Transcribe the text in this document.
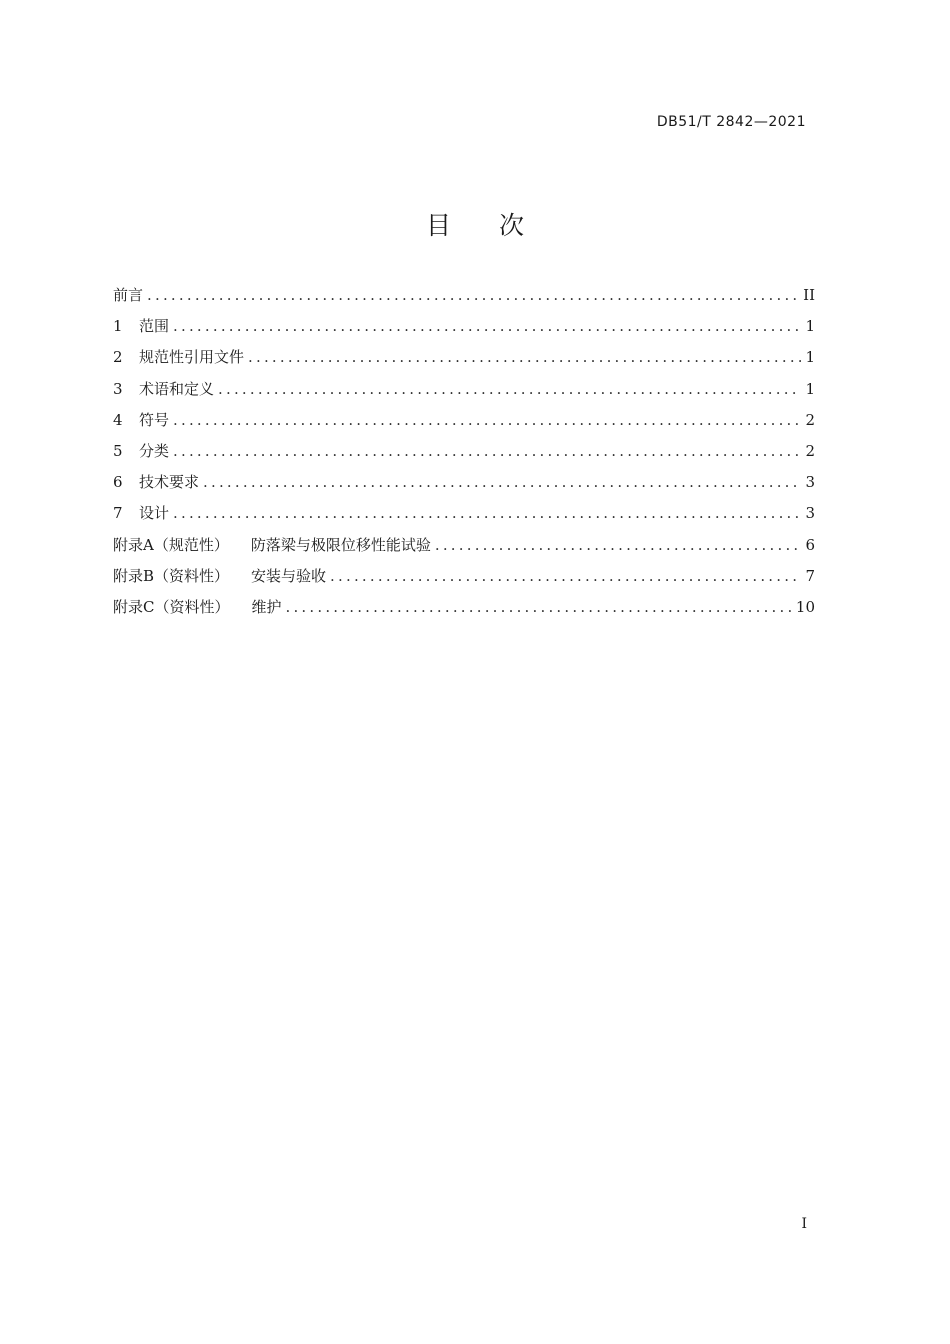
DB51/T 2842—2021
目次
前言 .....	II
1	范围 .....	1
2	规范性引用文件 .....	1
3	术语和定义 .....	1
4	符号 .....	2
5	分类 .....	2
6	技术要求 .....	3
7	设计 .....	3
附录A（规范性） 防落梁与极限位移性能试验 .....	6
附录B（资料性） 安装与验收 .....	7
附录C（资料性） 维护 .....	10
I
